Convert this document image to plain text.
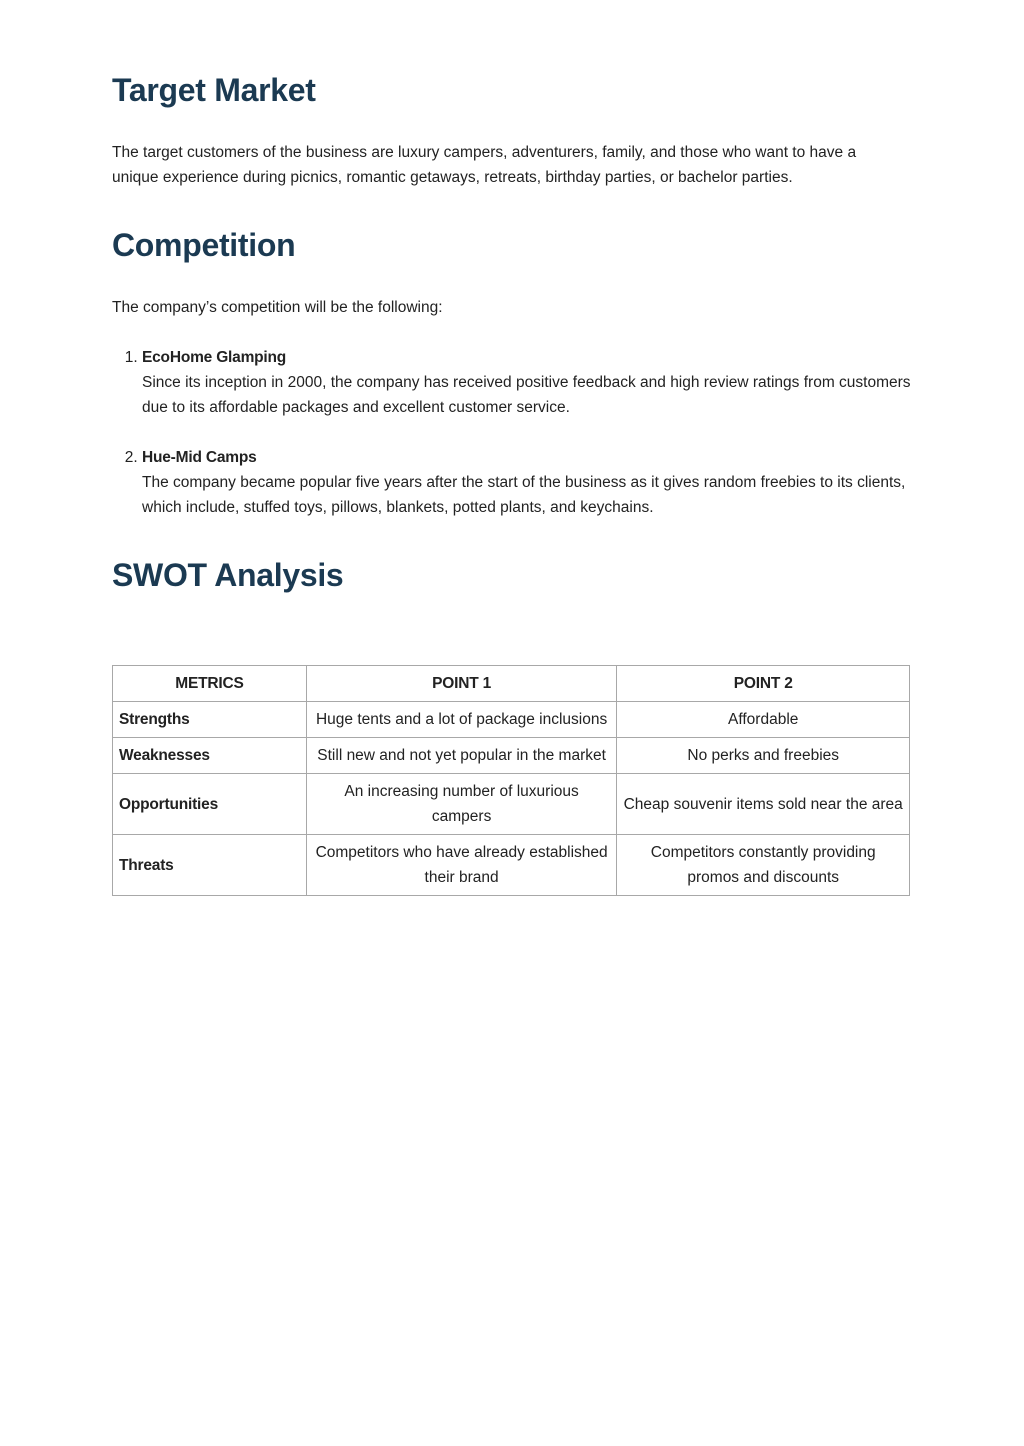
Target Market

The target customers of the business are luxury campers, adventurers, family, and those who want to have a unique experience during picnics, romantic getaways, retreats, birthday parties, or bachelor parties.

Competition

The company’s competition will be the following:

1. EcoHome Glamping
Since its inception in 2000, the company has received positive feedback and high review ratings from customers due to its affordable packages and excellent customer service.
2. Hue-Mid Camps
The company became popular five years after the start of the business as it gives random freebies to its clients, which include, stuffed toys, pillows, blankets, potted plants, and keychains.
SWOT Analysis
METRICS	POINT 1	POINT 2
Strengths	Huge tents and a lot of package inclusions	Affordable
Weaknesses	Still new and not yet popular in the market	No perks and freebies
Opportunities	An increasing number of luxurious campers	Cheap souvenir items sold near the area
Threats	Competitors who have already established their brand	Competitors constantly providing promos and discounts
